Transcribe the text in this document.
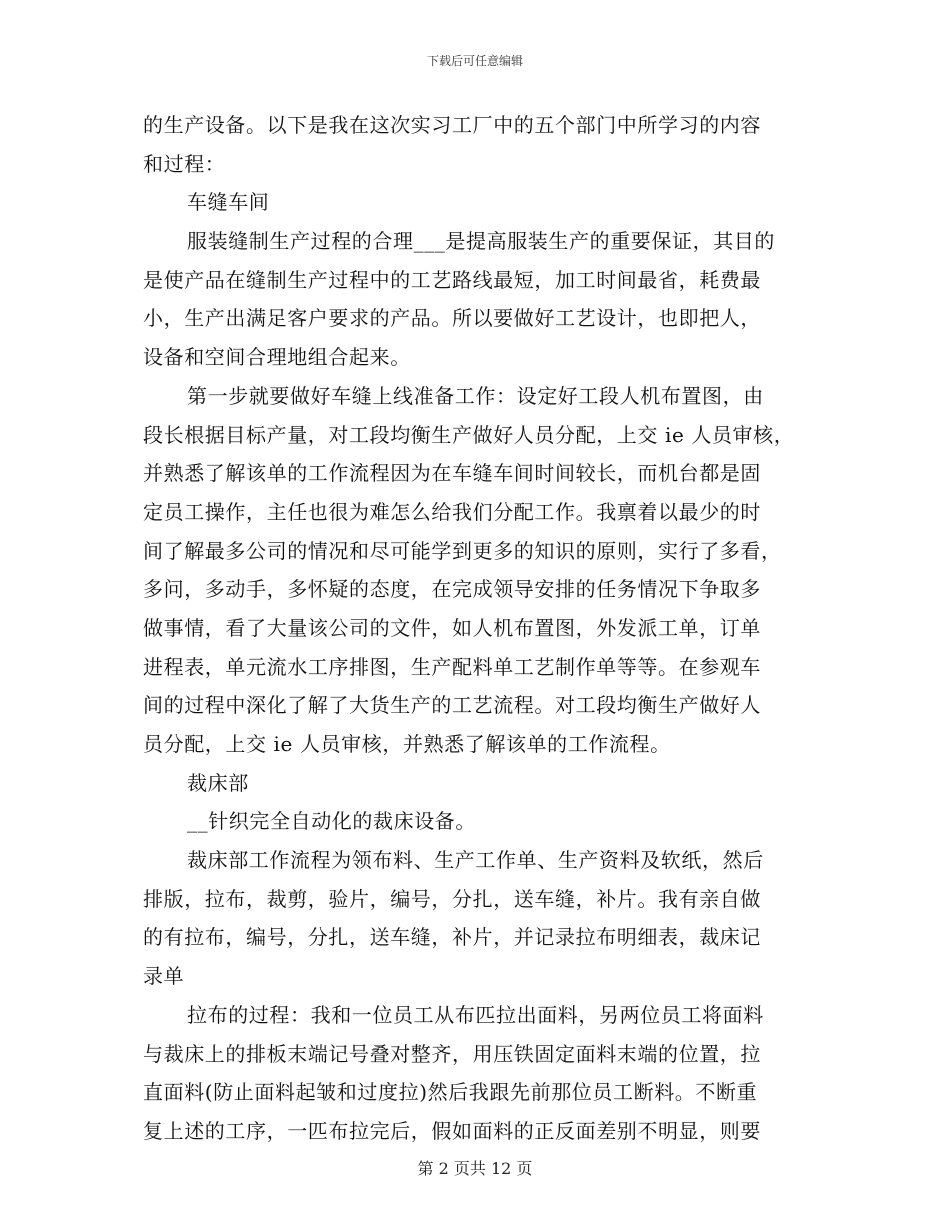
下载后可任意编辑
的生产设备。以下是我在这次实习工厂中的五个部门中所学习的内容
和过程：
车缝车间
服装缝制生产过程的合理___是提高服装生产的重要保证，其目的
是使产品在缝制生产过程中的工艺路线最短，加工时间最省，耗费最
小，生产出满足客户要求的产品。所以要做好工艺设计，也即把人，
设备和空间合理地组合起来。
第一步就要做好车缝上线准备工作：设定好工段人机布置图，由
段长根据目标产量，对工段均衡生产做好人员分配，上交 ie 人员审核，
并熟悉了解该单的工作流程因为在车缝车间时间较长，而机台都是固
定员工操作，主任也很为难怎么给我们分配工作。我禀着以最少的时
间了解最多公司的情况和尽可能学到更多的知识的原则，实行了多看，
多问，多动手，多怀疑的态度，在完成领导安排的任务情况下争取多
做事情，看了大量该公司的文件，如人机布置图，外发派工单，订单
进程表，单元流水工序排图，生产配料单工艺制作单等等。在参观车
间的过程中深化了解了大货生产的工艺流程。对工段均衡生产做好人
员分配，上交 ie 人员审核，并熟悉了解该单的工作流程。
裁床部
__针织完全自动化的裁床设备。
裁床部工作流程为领布料、生产工作单、生产资料及软纸，然后
排版，拉布，裁剪，验片，编号，分扎，送车缝，补片。我有亲自做
的有拉布，编号，分扎，送车缝，补片，并记录拉布明细表，裁床记
录单
拉布的过程：我和一位员工从布匹拉出面料，另两位员工将面料
与裁床上的排板末端记号叠对整齐，用压铁固定面料末端的位置，拉
直面料(防止面料起皱和过度拉)然后我跟先前那位员工断料。不断重
复上述的工序，一匹布拉完后，假如面料的正反面差别不明显，则要
第 2 页共 12 页
